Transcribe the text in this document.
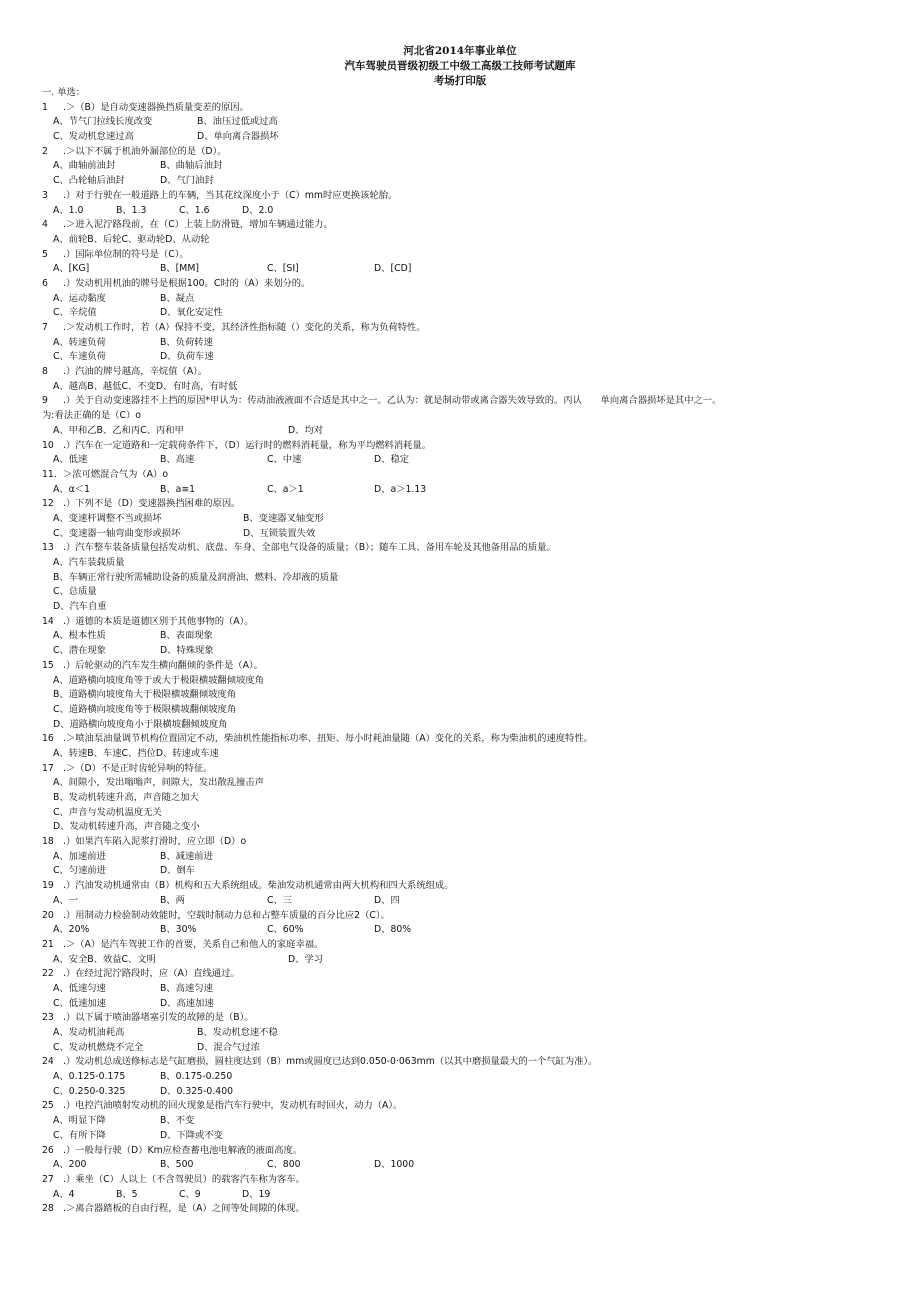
河北省2014年事业单位
汽车驾驶员晋级初级工中级工高级工技师考试题库
考场打印版
一. 单选：
1 .＞（B）是自动变速器换挡质量变差的原因。
A、节气门拉线长度改变	B、油压过低或过高
C、发动机怠速过高	D、单向离合器损坏
2 .＞以下不属于机油外漏部位的是（D）。
A、曲轴前油封	B、曲轴后油封
C、凸轮轴后油封	D、气门油封
3 .）对于行驶在一般道路上的车辆，当其花纹深度小于（C）mm时应更换该轮胎。
A、1.0	B、1.3	C、1.6	D、2.0
4 .＞进入泥泞路段前，在（C）上装上防滑链，增加车辆通过能力。
A、前轮B、后轮C、驱动轮D、从动轮
5 .）国际单位制的符号是（C）。
A、[KG]	B、[MM]	C、[SI]	D、[CD]
6 .）发动机用机油的牌号是根据100。C时的（A）来划分的。
A、运动黏度	B、凝点
C、辛烷值	D、氧化安定性
7 .＞发动机工作时，若（A）保持不变，其经济性指标随（）变化的关系，称为负荷特性。
A、转速负荷	B、负荷转速
C、车速负荷	D、负荷车速
8 .）汽油的牌号越高，辛烷值（A）。
A、越高B、越低C、不变D、有时高，有时低
9 .）关于自动变速器挂不上挡的原因*甲认为：传动油液液面不合适是其中之一。乙认为：就是制动带或离合器失效导致的。丙认　　单向离合器损坏是其中之一。
为:看法正确的是（C）o
A、甲和乙B、乙和丙C、丙和甲	D、均对
10 .）汽车在一定道路和一定载荷条件下，（D）运行时的燃料消耗量，称为平均燃料消耗量。
A、低速	B、高速	C、中速	D、稳定
11. ＞浓可燃混合气为（A）o
A、α＜1	B、a≡1	C、a＞1	D、a＞1.13
12 .）下列不是（D）变速器换挡困难的原因。
A、变速杆调整不当或损坏	B、变速器叉轴变形
C、变速器一轴弯曲变形或损坏	D、互锁装置失效
13 .）汽车整车装备质量包括发动机、底盘、车身、全部电气设备的质量；（B）；随车工具、备用车轮及其他备用品的质量。
A、汽车装载质量
B、车辆正常行驶所需辅助设备的质量及润滑油、燃料、冷却液的质量
C、总质量
D、汽车自重
14 .）道德的本质是道德区别于其他事物的（A）。
A、根本性质	B、表面现象
C、潜在现象	D、特殊现象
15 .）后轮驱动的汽车发生横向翻倾的条件是（A）。
A、道路横向坡度角等于或大于极限横坡翻倾坡度角
B、道路横向坡度角大于极限横坡翻倾坡度角
C、道路横向坡度角等于极限横坡翻倾坡度角
D、道路横向坡度角小于限横坡翻倾坡度角
16 .＞喷油泵油量调节机构位置固定不动，柴油机性能指标功率、扭矩、每小时耗油量随（A）变化的关系，称为柴油机的速度特性。
A、转速B、车速C、挡位D、转速或车速
17 .＞（D）不是正时齿轮异响的特征。
A、间隙小，发出嗡嗡声，间隙大，发出散乱撞击声
B、发动机转速升高，声音随之加大
C、声音与发动机温度无关
D、发动机转速升高，声音随之变小
18 .）如果汽车陷入泥浆打滑时，应立即（D）o
A、加速前进	B、减速前进
C、匀速前进	D、倒车
19 .）汽油发动机通常由（B）机构和五大系统组成。柴油发动机通常由两大机构和四大系统组成。
A、一	B、两	C、三	D、四
20 .）用制动力检验制动效能时，空载时制动力总和占整车质量的百分比应2（C）。
A、20%	B、30%	C、60%	D、80%
21 .＞（A）是汽车驾驶工作的首要，关系自己和他人的家庭幸福。
A、安全B、效益C、文明	D、学习
22 .）在经过泥泞路段时，应（A）直线通过。
A、低速匀速	B、高速匀速
C、低速加速	D、高速加速
23 .）以下属于喷油器堵塞引发的故障的是（B）。
A、发动机油耗高	B、发动机怠速不稳
C、发动机燃烧不完全	D、混合气过浓
24 .）发动机总成送修标志是气缸磨损，圆柱度达到（B）mm或圆度已达到0.050-0·063mm（以其中磨损量最大的一个气缸为准）。
A、0.125-0.175	B、0.175-0.250
C、0.250-0.325	D、0.325-0.400
25 .）电控汽油喷射发动机的回火现象是指汽车行驶中，发动机有时回火，动力（A）。
A、明显下降	B、不变
C、有所下降	D、下降或不变
26 .）一般每行驶（D）Km应检查蓄电池电解液的液面高度。
A、200	B、500	C、800	D、1000
27 .）乘坐（C）人以上（不含驾驶员）的载客汽车称为客车。
A、4	B、5	C、9	D、19
28 .＞离合器踏板的自由行程，是（A）之间等处间隙的体现。
